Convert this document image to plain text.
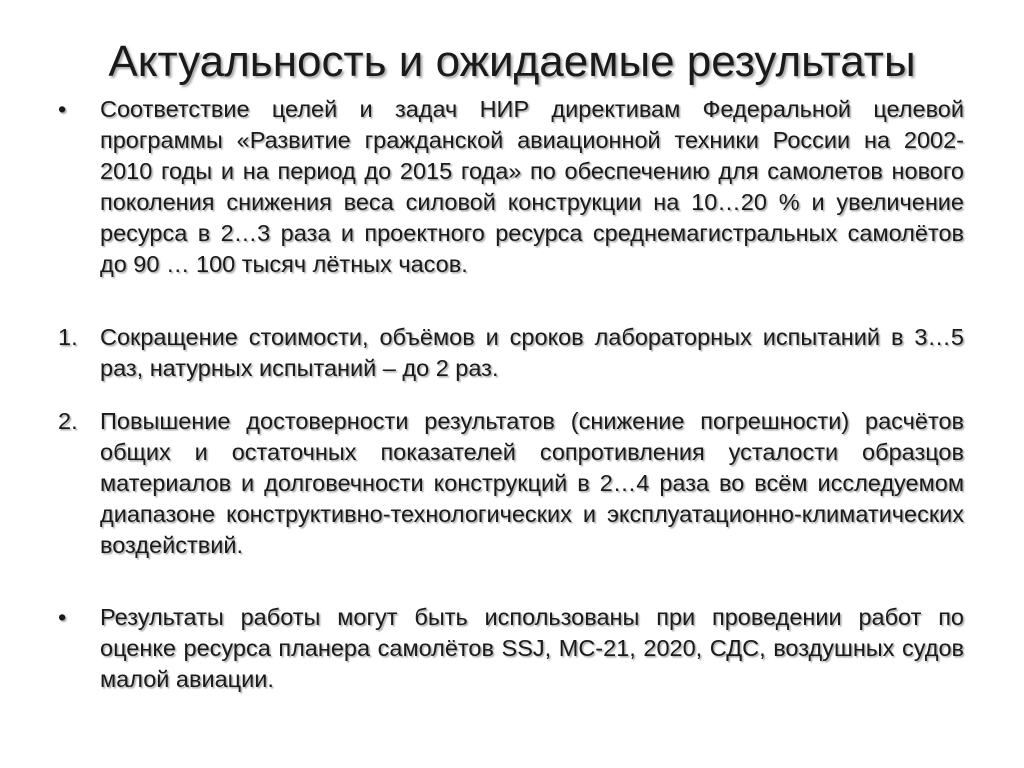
Актуальность и ожидаемые результаты
•	Соответствие целей и задач НИР директивам Федеральной целевой программы «Развитие гражданской авиационной техники России на 2002-2010 годы и на период до 2015 года» по обеспечению для самолетов нового поколения снижения веса силовой конструкции на 10…20 % и увеличение ресурса в 2…3 раза и проектного ресурса среднемагистральных самолётов до 90 … 100 тысяч лётных часов.
1. Сокращение стоимости, объёмов и сроков лабораторных испытаний в 3…5 раз, натурных испытаний – до 2 раз.
2. Повышение достоверности результатов (снижение погрешности) расчётов общих и остаточных показателей сопротивления усталости образцов материалов и долговечности конструкций в 2…4 раза во всём исследуемом диапазоне конструктивно-технологических и эксплуатационно-климатических воздействий.
•	Результаты работы могут быть использованы при проведении работ по оценке ресурса планера самолётов SSJ, МС-21, 2020, СДС, воздушных судов малой авиации.
